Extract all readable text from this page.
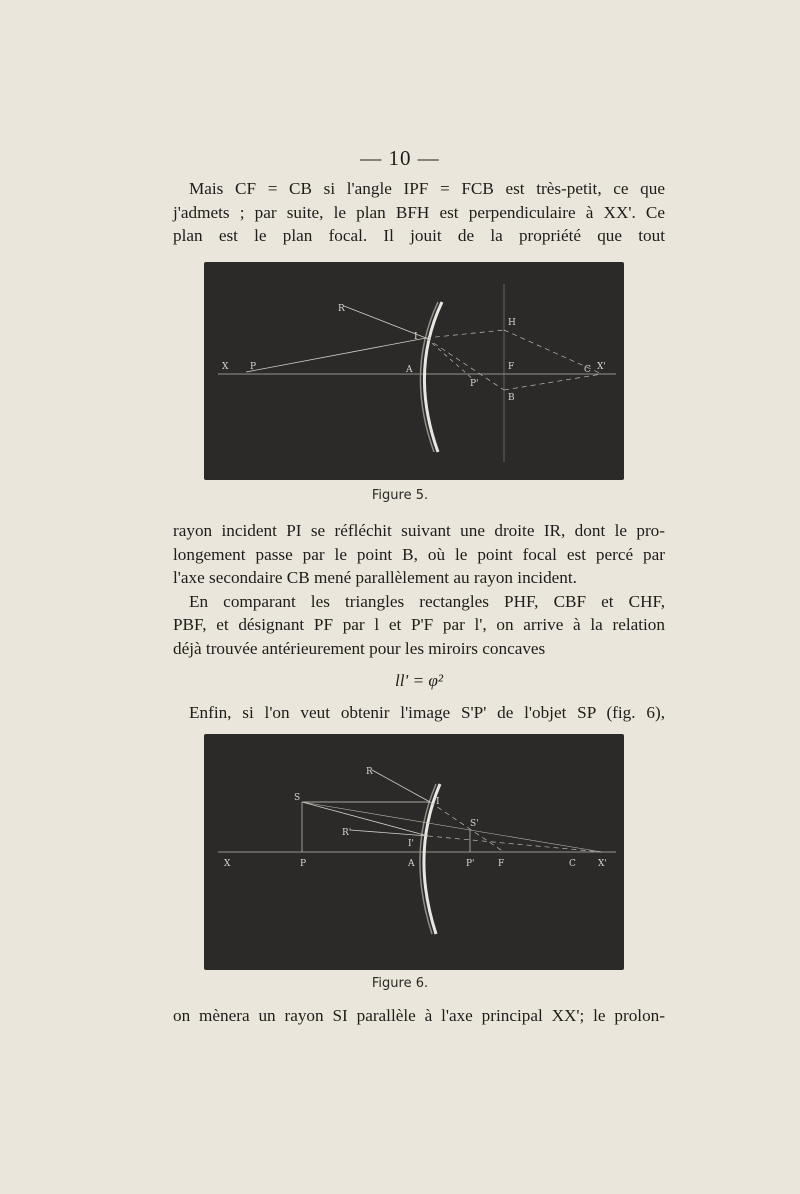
— 10 —
Mais CF = CB si l'angle IPF = FCB est très-petit, ce que
j'admets ; par suite, le plan BFH est perpendiculaire à XX'. Ce
plan est le plan focal. Il jouit de la propriété que tout
R
I
H
X P	A	F	C X'
P'
B
Figure 5.
rayon incident PI se réfléchit suivant une droite IR, dont le pro-
longement passe par le point B, où le point focal est percé par
l'axe secondaire CB mené parallèlement au rayon incident.
En comparant les triangles rectangles PHF, CBF et CHF,
PBF, et désignant PF par l et P'F par l', on arrive à la relation
déjà trouvée antérieurement pour les miroirs concaves
ll' = φ²
Enfin, si l'on veut obtenir l'image S'P' de l'objet SP (fig. 6),
R
S	I
R'
I'
S'
X	P	A	P'	F	C X'
Figure 6.
on mènera un rayon SI parallèle à l'axe principal XX'; le prolon-
